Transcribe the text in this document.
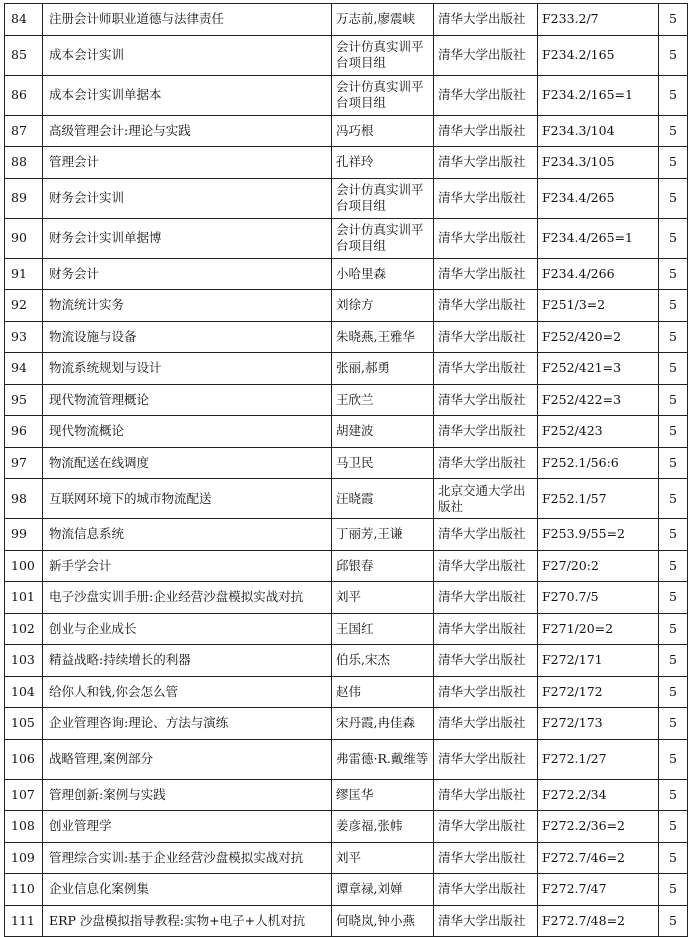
84	注册会计师职业道德与法律责任	万志前,廖震峡	清华大学出版社	F233.2/7	5
85	成本会计实训	会计仿真实训平台项目组	清华大学出版社	F234.2/165	5
86	成本会计实训单据本	会计仿真实训平台项目组	清华大学出版社	F234.2/165=1	5
87	高级管理会计:理论与实践	冯巧根	清华大学出版社	F234.3/104	5
88	管理会计	孔祥玲	清华大学出版社	F234.3/105	5
89	财务会计实训	会计仿真实训平台项目组	清华大学出版社	F234.4/265	5
90	财务会计实训单据博	会计仿真实训平台项目组	清华大学出版社	F234.4/265=1	5
91	财务会计	小哈里森	清华大学出版社	F234.4/266	5
92	物流统计实务	刘徐方	清华大学出版社	F251/3=2	5
93	物流设施与设备	朱晓燕,王雅华	清华大学出版社	F252/420=2	5
94	物流系统规划与设计	张丽,郝勇	清华大学出版社	F252/421=3	5
95	现代物流管理概论	王欣兰	清华大学出版社	F252/422=3	5
96	现代物流概论	胡建波	清华大学出版社	F252/423	5
97	物流配送在线调度	马卫民	清华大学出版社	F252.1/56:6	5
98	互联网环境下的城市物流配送	汪晓霞	北京交通大学出版社	F252.1/57	5
99	物流信息系统	丁丽芳,王谦	清华大学出版社	F253.9/55=2	5
100	新手学会计	邱银春	清华大学出版社	F27/20:2	5
101	电子沙盘实训手册:企业经营沙盘模拟实战对抗	刘平	清华大学出版社	F270.7/5	5
102	创业与企业成长	王国红	清华大学出版社	F271/20=2	5
103	精益战略:持续增长的利器	伯乐,宋杰	清华大学出版社	F272/171	5
104	给你人和钱,你会怎么管	赵伟	清华大学出版社	F272/172	5
105	企业管理咨询:理论、方法与演练	宋丹霞,冉佳森	清华大学出版社	F272/173	5
106	战略管理,案例部分	弗雷德·R.戴维等	清华大学出版社	F272.1/27	5
107	管理创新:案例与实践	缪匡华	清华大学出版社	F272.2/34	5
108	创业管理学	姜彦福,张帏	清华大学出版社	F272.2/36=2	5
109	管理综合实训:基于企业经营沙盘模拟实战对抗	刘平	清华大学出版社	F272.7/46=2	5
110	企业信息化案例集	谭章禄,刘婵	清华大学出版社	F272.7/47	5
111	ERP 沙盘模拟指导教程:实物+电子+人机对抗	何晓岚,钟小燕	清华大学出版社	F272.7/48=2	5
